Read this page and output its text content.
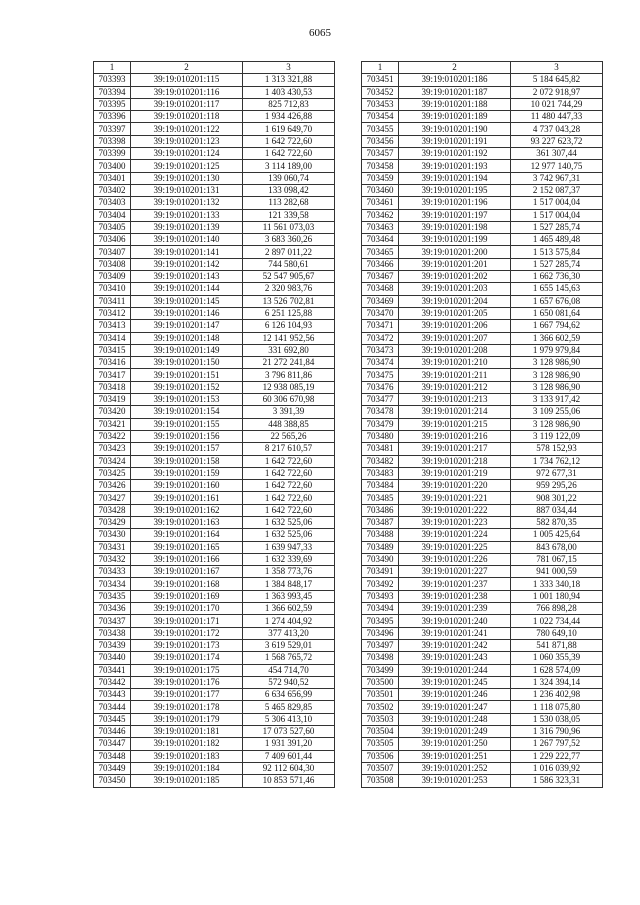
6065
1	2	3
703393	39:19:010201:115	1 313 321,88
703394	39:19:010201:116	1 403 430,53
703395	39:19:010201:117	825 712,83
703396	39:19:010201:118	1 934 426,88
703397	39:19:010201:122	1 619 649,70
703398	39:19:010201:123	1 642 722,60
703399	39:19:010201:124	1 642 722,60
703400	39:19:010201:125	3 114 189,00
703401	39:19:010201:130	139 060,74
703402	39:19:010201:131	133 098,42
703403	39:19:010201:132	113 282,68
703404	39:19:010201:133	121 339,58
703405	39:19:010201:139	11 561 073,03
703406	39:19:010201:140	3 683 360,26
703407	39:19:010201:141	2 897 011,22
703408	39:19:010201:142	744 580,61
703409	39:19:010201:143	52 547 905,67
703410	39:19:010201:144	2 320 983,76
703411	39:19:010201:145	13 526 702,81
703412	39:19:010201:146	6 251 125,88
703413	39:19:010201:147	6 126 104,93
703414	39:19:010201:148	12 141 952,56
703415	39:19:010201:149	331 692,80
703416	39:19:010201:150	21 272 241,84
703417	39:19:010201:151	3 796 811,86
703418	39:19:010201:152	12 938 085,19
703419	39:19:010201:153	60 306 670,98
703420	39:19:010201:154	3 391,39
703421	39:19:010201:155	448 388,85
703422	39:19:010201:156	22 565,26
703423	39:19:010201:157	8 217 610,57
703424	39:19:010201:158	1 642 722,60
703425	39:19:010201:159	1 642 722,60
703426	39:19:010201:160	1 642 722,60
703427	39:19:010201:161	1 642 722,60
703428	39:19:010201:162	1 642 722,60
703429	39:19:010201:163	1 632 525,06
703430	39:19:010201:164	1 632 525,06
703431	39:19:010201:165	1 639 947,33
703432	39:19:010201:166	1 632 339,69
703433	39:19:010201:167	1 358 773,76
703434	39:19:010201:168	1 384 848,17
703435	39:19:010201:169	1 363 993,45
703436	39:19:010201:170	1 366 602,59
703437	39:19:010201:171	1 274 404,92
703438	39:19:010201:172	377 413,20
703439	39:19:010201:173	3 619 529,01
703440	39:19:010201:174	1 568 765,72
703441	39:19:010201:175	454 714,70
703442	39:19:010201:176	572 940,52
703443	39:19:010201:177	6 634 656,99
703444	39:19:010201:178	5 465 829,85
703445	39:19:010201:179	5 306 413,10
703446	39:19:010201:181	17 073 527,60
703447	39:19:010201:182	1 931 391,20
703448	39:19:010201:183	7 409 601,44
703449	39:19:010201:184	92 112 604,30
703450	39:19:010201:185	10 853 571,46
1	2	3
703451	39:19:010201:186	5 184 645,82
703452	39:19:010201:187	2 072 918,97
703453	39:19:010201:188	10 021 744,29
703454	39:19:010201:189	11 480 447,33
703455	39:19:010201:190	4 737 043,28
703456	39:19:010201:191	93 227 623,72
703457	39:19:010201:192	361 307,44
703458	39:19:010201:193	12 977 140,75
703459	39:19:010201:194	3 742 967,31
703460	39:19:010201:195	2 152 087,37
703461	39:19:010201:196	1 517 004,04
703462	39:19:010201:197	1 517 004,04
703463	39:19:010201:198	1 527 285,74
703464	39:19:010201:199	1 465 489,48
703465	39:19:010201:200	1 513 575,84
703466	39:19:010201:201	1 527 285,74
703467	39:19:010201:202	1 662 736,30
703468	39:19:010201:203	1 655 145,63
703469	39:19:010201:204	1 657 676,08
703470	39:19:010201:205	1 650 081,64
703471	39:19:010201:206	1 667 794,62
703472	39:19:010201:207	1 366 602,59
703473	39:19:010201:208	1 979 979,84
703474	39:19:010201:210	3 128 986,90
703475	39:19:010201:211	3 128 986,90
703476	39:19:010201:212	3 128 986,90
703477	39:19:010201:213	3 133 917,42
703478	39:19:010201:214	3 109 255,06
703479	39:19:010201:215	3 128 986,90
703480	39:19:010201:216	3 119 122,09
703481	39:19:010201:217	578 152,93
703482	39:19:010201:218	1 734 762,12
703483	39:19:010201:219	972 677,31
703484	39:19:010201:220	959 295,26
703485	39:19:010201:221	908 301,22
703486	39:19:010201:222	887 034,44
703487	39:19:010201:223	582 870,35
703488	39:19:010201:224	1 005 425,64
703489	39:19:010201:225	843 678,00
703490	39:19:010201:226	781 067,15
703491	39:19:010201:227	941 000,59
703492	39:19:010201:237	1 333 340,18
703493	39:19:010201:238	1 001 180,94
703494	39:19:010201:239	766 898,28
703495	39:19:010201:240	1 022 734,44
703496	39:19:010201:241	780 649,10
703497	39:19:010201:242	541 871,88
703498	39:19:010201:243	1 060 355,39
703499	39:19:010201:244	1 628 574,09
703500	39:19:010201:245	1 324 394,14
703501	39:19:010201:246	1 236 402,98
703502	39:19:010201:247	1 118 075,80
703503	39:19:010201:248	1 530 038,05
703504	39:19:010201:249	1 316 790,96
703505	39:19:010201:250	1 267 797,52
703506	39:19:010201:251	1 229 222,77
703507	39:19:010201:252	1 016 039,92
703508	39:19:010201:253	1 586 323,31
